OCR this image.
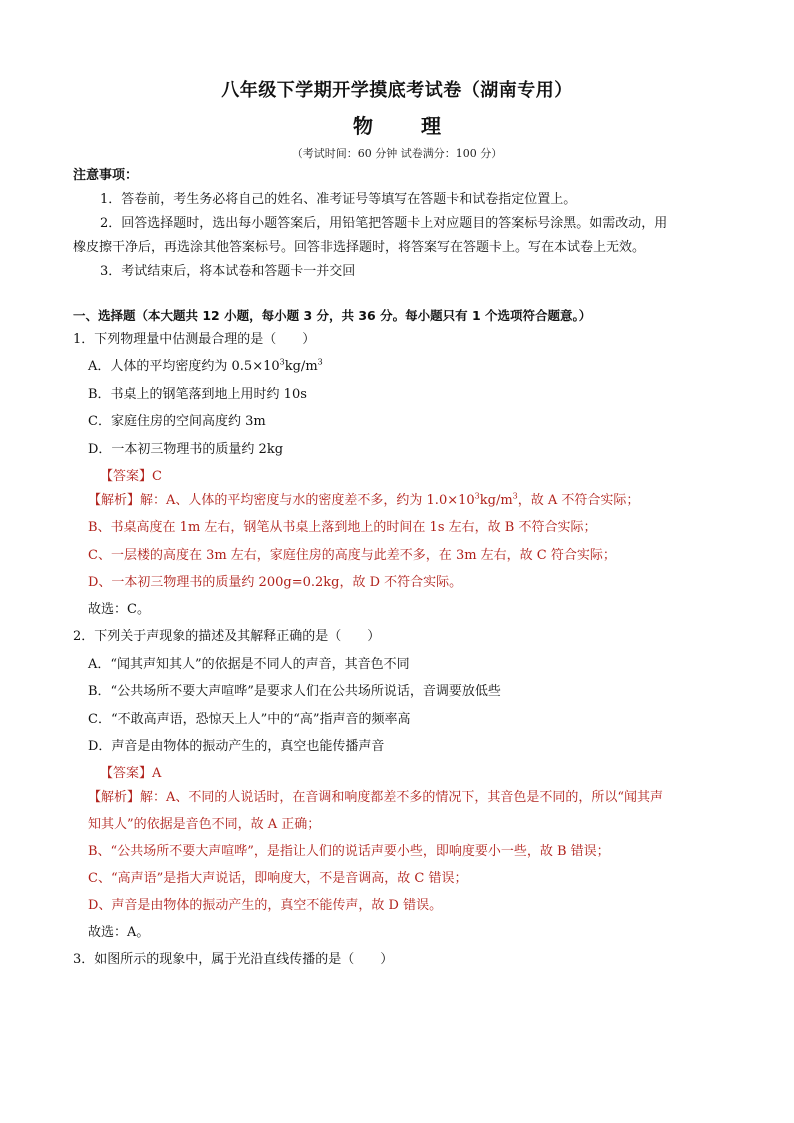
八年级下学期开学摸底考试卷（湖南专用）
物 理
（考试时间：60 分钟 试卷满分：100 分）
注意事项：
1．答卷前，考生务必将自己的姓名、准考证号等填写在答题卡和试卷指定位置上。
2．回答选择题时，选出每小题答案后，用铅笔把答题卡上对应题目的答案标号涂黑。如需改动，用
橡皮擦干净后，再选涂其他答案标号。回答非选择题时，将答案写在答题卡上。写在本试卷上无效。
3．考试结束后，将本试卷和答题卡一并交回
一、选择题（本大题共 12 小题，每小题 3 分，共 36 分。每小题只有 1 个选项符合题意。）
1．下列物理量中估测最合理的是（　　）
A．人体的平均密度约为 $0.5\times 10^3kg/m^3$
B．书桌上的钢笔落到地上用时约 10s
C．家庭住房的空间高度约 3m
D．一本初三物理书的质量约 2kg
【答案】C
【解析】解：A、人体的平均密度与水的密度差不多，约为 $1.0\times 10^3kg/m^3$，故 A 不符合实际；
B、书桌高度在 1m 左右，钢笔从书桌上落到地上的时间在 1s 左右，故 B 不符合实际；
C、一层楼的高度在 3m 左右，家庭住房的高度与此差不多，在 3m 左右，故 C 符合实际；
D、一本初三物理书的质量约 200g=0.2kg，故 D 不符合实际。
故选：C。
2．下列关于声现象的描述及其解释正确的是（　　）
A．“闻其声知其人”的依据是不同人的声音，其音色不同
B．“公共场所不要大声喧哗”是要求人们在公共场所说话，音调要放低些
C．“不敢高声语，恐惊天上人”中的“高”指声音的频率高
D．声音是由物体的振动产生的，真空也能传播声音
【答案】A
【解析】解：A、不同的人说话时，在音调和响度都差不多的情况下，其音色是不同的，所以“闻其声
知其人”的依据是音色不同，故 A 正确；
B、“公共场所不要大声喧哗”，是指让人们的说话声要小些，即响度要小一些，故 B 错误；
C、“高声语”是指大声说话，即响度大，不是音调高，故 C 错误；
D、声音是由物体的振动产生的，真空不能传声，故 D 错误。
故选：A。
3．如图所示的现象中，属于光沿直线传播的是（　　）
